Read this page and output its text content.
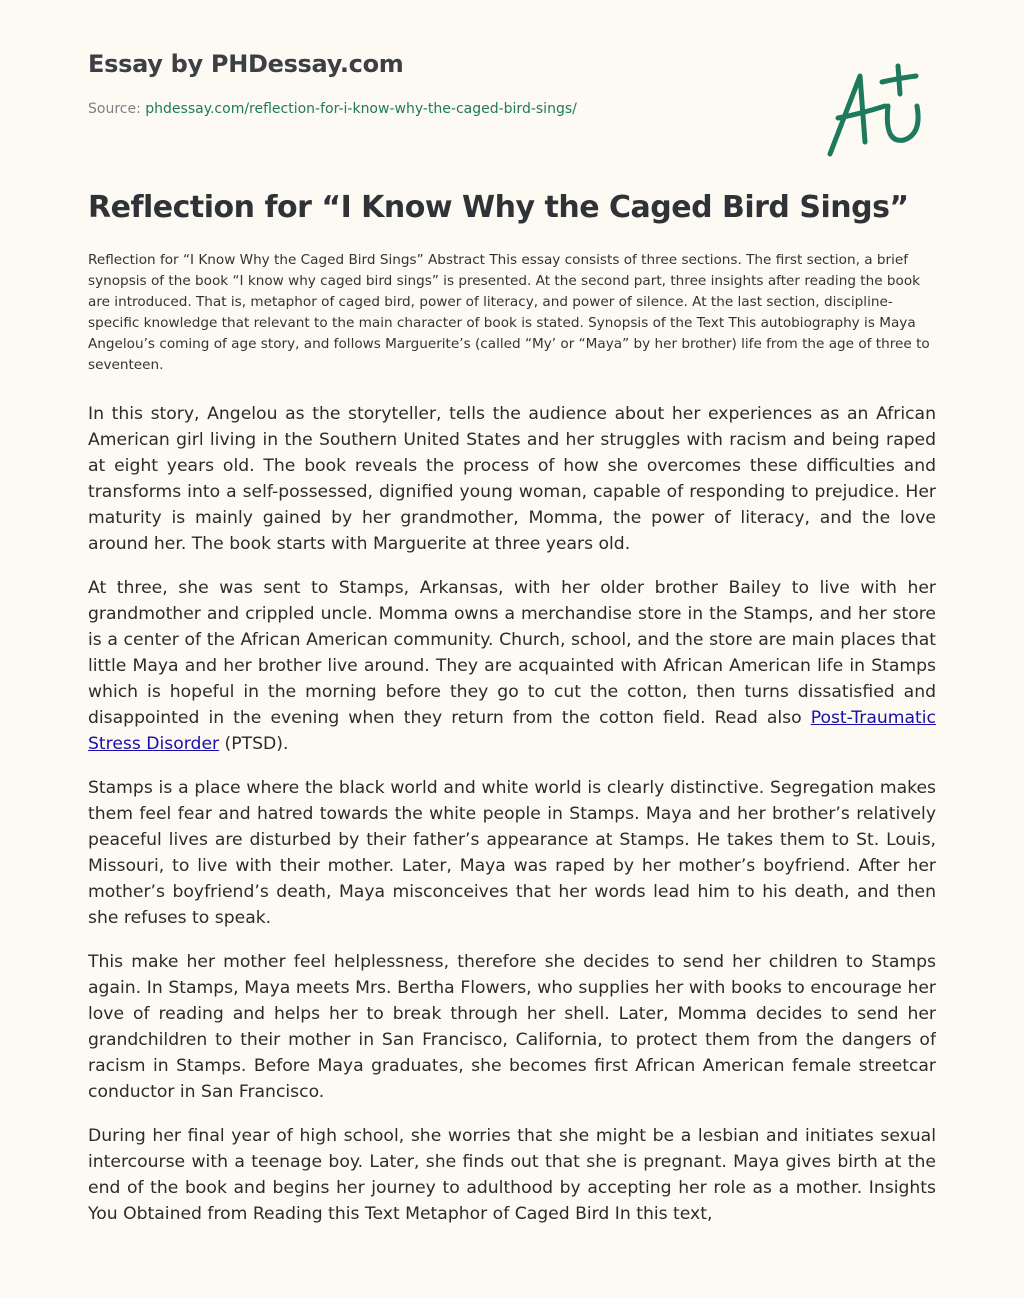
Essay by PHDessay.com
Source: phdessay.com/reflection-for-i-know-why-the-caged-bird-sings/
Reflection for “I Know Why the Caged Bird Sings”

Reflection for “I Know Why the Caged Bird Sings” Abstract This essay consists of three sections. The first section, a brief synopsis of the book “I know why caged bird sings” is presented. At the second part, three insights after reading the book are introduced. That is, metaphor of caged bird, power of literacy, and power of silence. At the last section, discipline-specific knowledge that relevant to the main character of book is stated. Synopsis of the Text This autobiography is Maya Angelou’s coming of age story, and follows Marguerite’s (called “My’ or “Maya” by her brother) life from the age of three to seventeen.

In this story, Angelou as the storyteller, tells the audience about her experiences as an African American girl living in the Southern United States and her struggles with racism and being raped at eight years old. The book reveals the process of how she overcomes these difficulties and transforms into a self-possessed, dignified young woman, capable of responding to prejudice. Her maturity is mainly gained by her grandmother, Momma, the power of literacy, and the love around her. The book starts with Marguerite at three years old.

At three, she was sent to Stamps, Arkansas, with her older brother Bailey to live with her grandmother and crippled uncle. Momma owns a merchandise store in the Stamps, and her store is a center of the African American community. Church, school, and the store are main places that little Maya and her brother live around. They are acquainted with African American life in Stamps which is hopeful in the morning before they go to cut the cotton, then turns dissatisfied and disappointed in the evening when they return from the cotton field. Read also Post-Traumatic Stress Disorder (PTSD).

Stamps is a place where the black world and white world is clearly distinctive. Segregation makes them feel fear and hatred towards the white people in Stamps. Maya and her brother’s relatively peaceful lives are disturbed by their father’s appearance at Stamps. He takes them to St. Louis, Missouri, to live with their mother. Later, Maya was raped by her mother’s boyfriend. After her mother’s boyfriend’s death, Maya misconceives that her words lead him to his death, and then she refuses to speak.

This make her mother feel helplessness, therefore she decides to send her children to Stamps again. In Stamps, Maya meets Mrs. Bertha Flowers, who supplies her with books to encourage her love of reading and helps her to break through her shell. Later, Momma decides to send her grandchildren to their mother in San Francisco, California, to protect them from the dangers of racism in Stamps. Before Maya graduates, she becomes first African American female streetcar conductor in San Francisco.

During her final year of high school, she worries that she might be a lesbian and initiates sexual intercourse with a teenage boy. Later, she finds out that she is pregnant. Maya gives birth at the end of the book and begins her journey to adulthood by accepting her role as a mother. Insights You Obtained from Reading this Text Metaphor of Caged Bird In this text,
